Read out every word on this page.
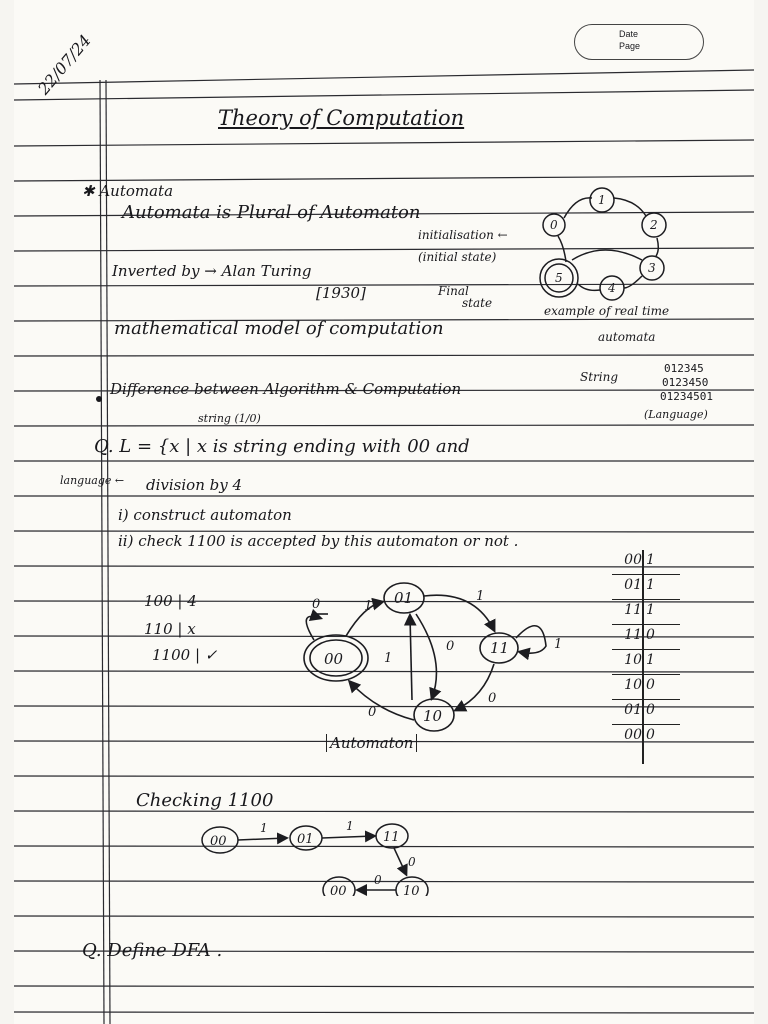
Date
Page
22/07/24
Theory of Computation
✱ Automata
Automata is Plural of Automaton
Inverted by → Alan Turing
[1930]
mathematical model of computation
0
1
2
3
4
5
initialisation ←
(initial state)
Final
state
example of real time
automata
Difference between Algorithm & Computation
String
012345
0123450
01234501
(Language)
string (1/0)
Q. L = {x | x is string ending with 00 and
language ← division by 4
i) construct automaton
ii) check 1100 is accepted by this automaton or not .
100 | 4
110 | x
1100 | ✓	00
01
11
10
0	1
1
1
1
0
0
0
Automaton
00 1
01 1
11 1
11 0
10 1
10 0
01 0
00 0
Checking 1100
00	01	11
10
00
1	1
0
0
Q. Define DFA .
